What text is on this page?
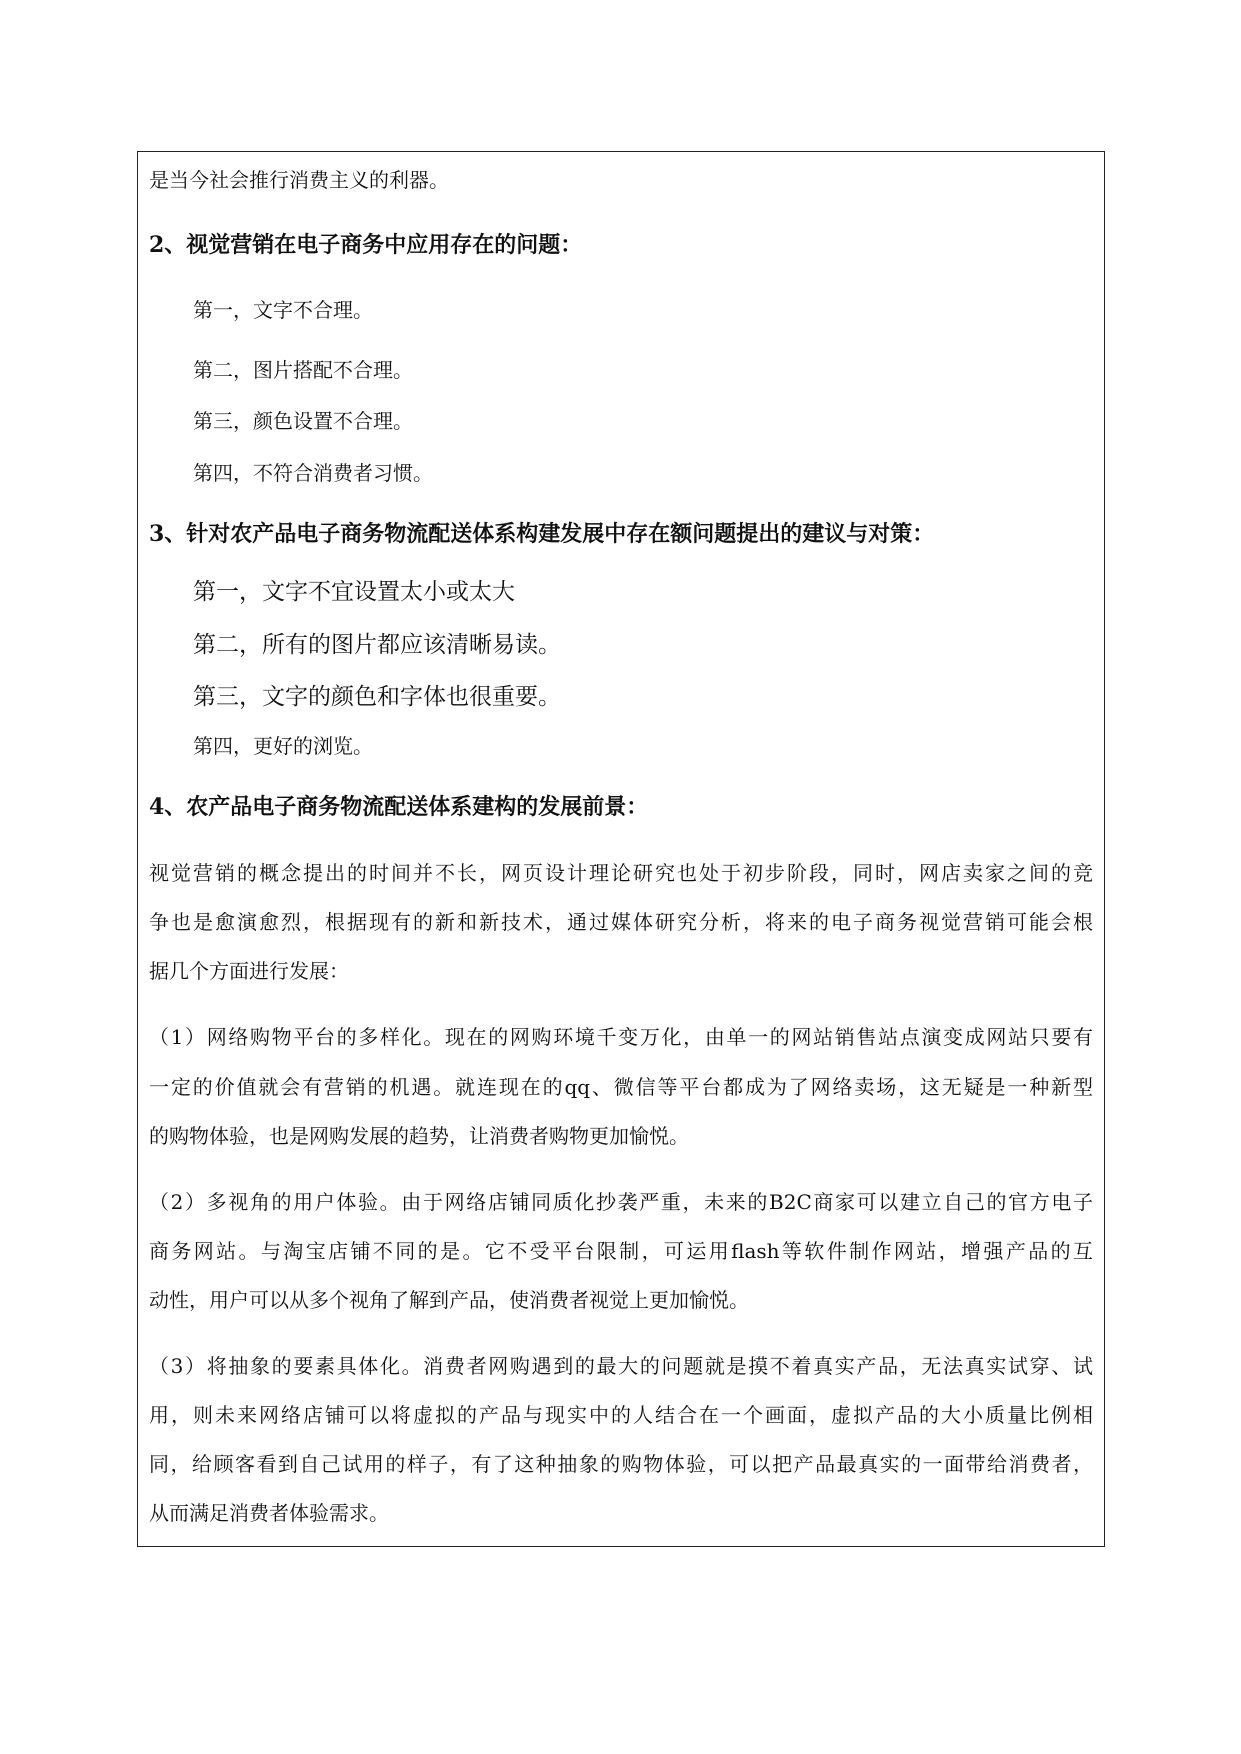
是当今社会推行消费主义的利器。

2、视觉营销在电子商务中应用存在的问题：

第一，文字不合理。

第二，图片搭配不合理。

第三，颜色设置不合理。

第四，不符合消费者习惯。

3、针对农产品电子商务物流配送体系构建发展中存在额问题提出的建议与对策：

第一，文字不宜设置太小或太大

第二，所有的图片都应该清晰易读。

第三，文字的颜色和字体也很重要。

第四，更好的浏览。

4、农产品电子商务物流配送体系建构的发展前景：

视觉营销的概念提出的时间并不长，网页设计理论研究也处于初步阶段，同时，网店卖家之间的竞

争也是愈演愈烈，根据现有的新和新技术，通过媒体研究分析，将来的电子商务视觉营销可能会根

据几个方面进行发展：

（1）网络购物平台的多样化。现在的网购环境千变万化，由单一的网站销售站点演变成网站只要有

一定的价值就会有营销的机遇。就连现在的qq、微信等平台都成为了网络卖场，这无疑是一种新型

的购物体验，也是网购发展的趋势，让消费者购物更加愉悦。

（2）多视角的用户体验。由于网络店铺同质化抄袭严重，未来的B2C商家可以建立自己的官方电子

商务网站。与淘宝店铺不同的是。它不受平台限制，可运用flash等软件制作网站，增强产品的互

动性，用户可以从多个视角了解到产品，使消费者视觉上更加愉悦。

（3）将抽象的要素具体化。消费者网购遇到的最大的问题就是摸不着真实产品，无法真实试穿、试

用，则未来网络店铺可以将虚拟的产品与现实中的人结合在一个画面，虚拟产品的大小质量比例相

同，给顾客看到自己试用的样子，有了这种抽象的购物体验，可以把产品最真实的一面带给消费者，

从而满足消费者体验需求。
